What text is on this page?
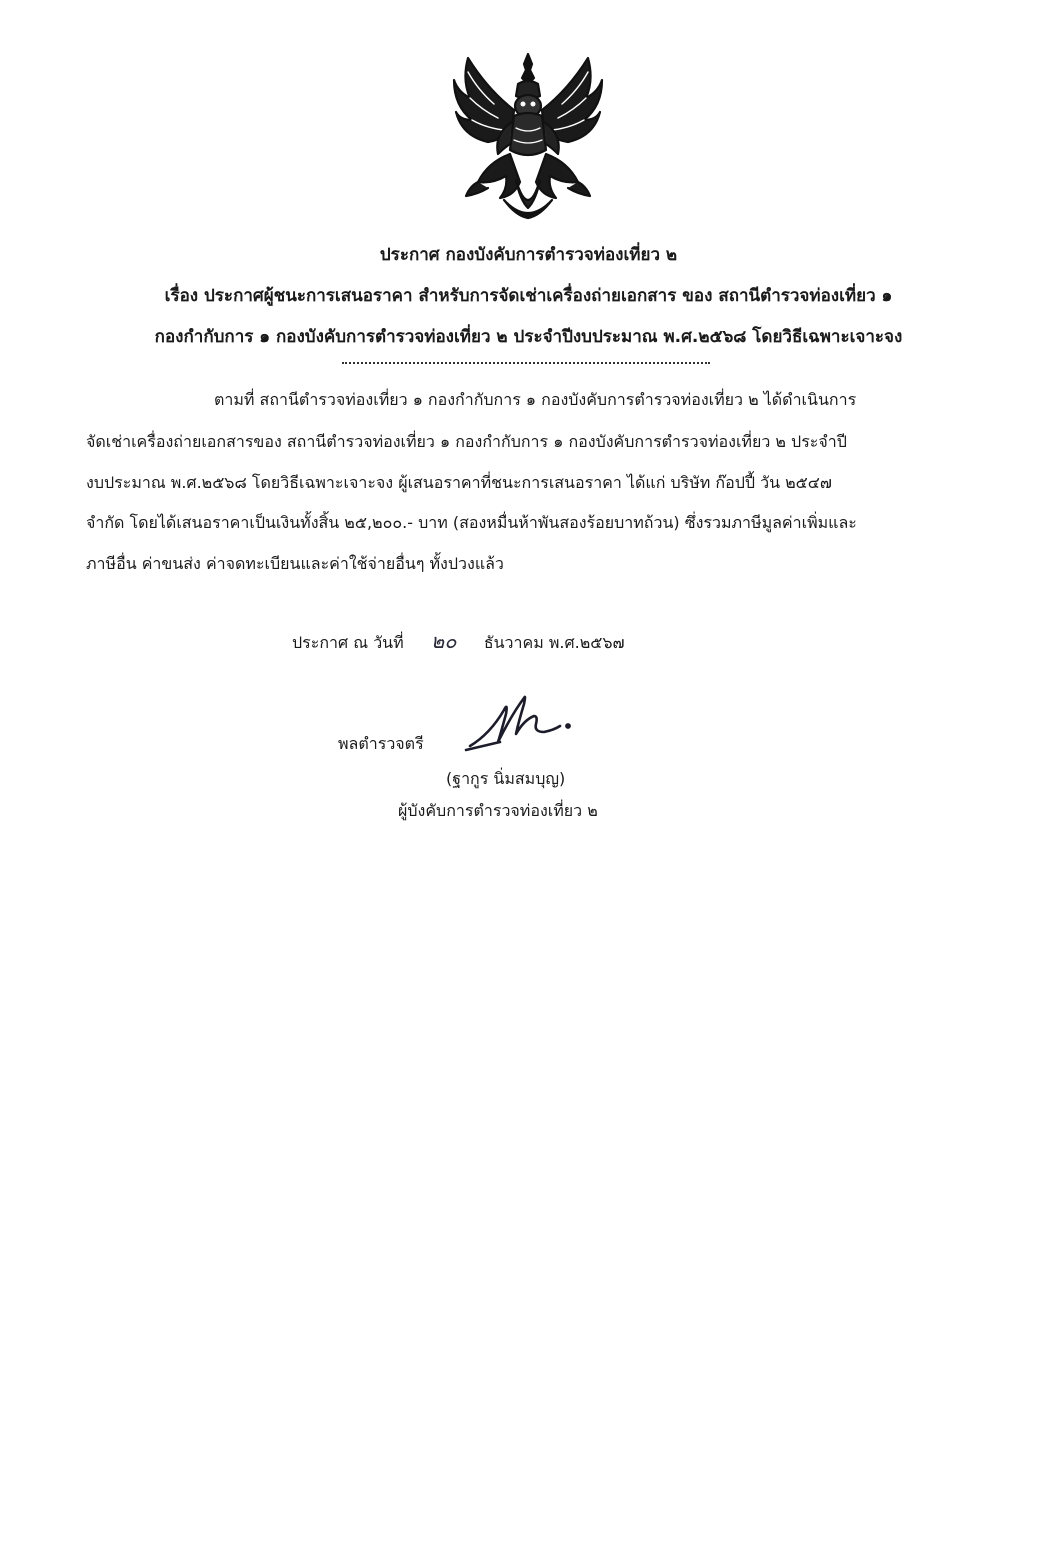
ประกาศ กองบังคับการตำรวจท่องเที่ยว ๒
เรื่อง ประกาศผู้ชนะการเสนอราคา สำหรับการจัดเช่าเครื่องถ่ายเอกสาร ของ สถานีตำรวจท่องเที่ยว ๑
กองกำกับการ ๑ กองบังคับการตำรวจท่องเที่ยว ๒ ประจำปีงบประมาณ พ.ศ.๒๕๖๘ โดยวิธีเฉพาะเจาะจง
ตามที่ สถานีตำรวจท่องเที่ยว ๑ กองกำกับการ ๑ กองบังคับการตำรวจท่องเที่ยว ๒ ได้ดำเนินการ
จัดเช่าเครื่องถ่ายเอกสารของ สถานีตำรวจท่องเที่ยว ๑ กองกำกับการ ๑ กองบังคับการตำรวจท่องเที่ยว ๒ ประจำปี
งบประมาณ พ.ศ.๒๕๖๘ โดยวิธีเฉพาะเจาะจง ผู้เสนอราคาที่ชนะการเสนอราคา ได้แก่ บริษัท ก๊อปปี้ วัน ๒๕๔๗
จำกัด โดยได้เสนอราคาเป็นเงินทั้งสิ้น ๒๕,๒๐๐.- บาท (สองหมื่นห้าพันสองร้อยบาทถ้วน) ซึ่งรวมภาษีมูลค่าเพิ่มและ
ภาษีอื่น ค่าขนส่ง ค่าจดทะเบียนและค่าใช้จ่ายอื่นๆ ทั้งปวงแล้ว
ประกาศ ณ วันที่ ๒๐ ธันวาคม พ.ศ.๒๕๖๗
พลตำรวจตรี
(ฐากูร นิ่มสมบุญ)
ผู้บังคับการตำรวจท่องเที่ยว ๒
